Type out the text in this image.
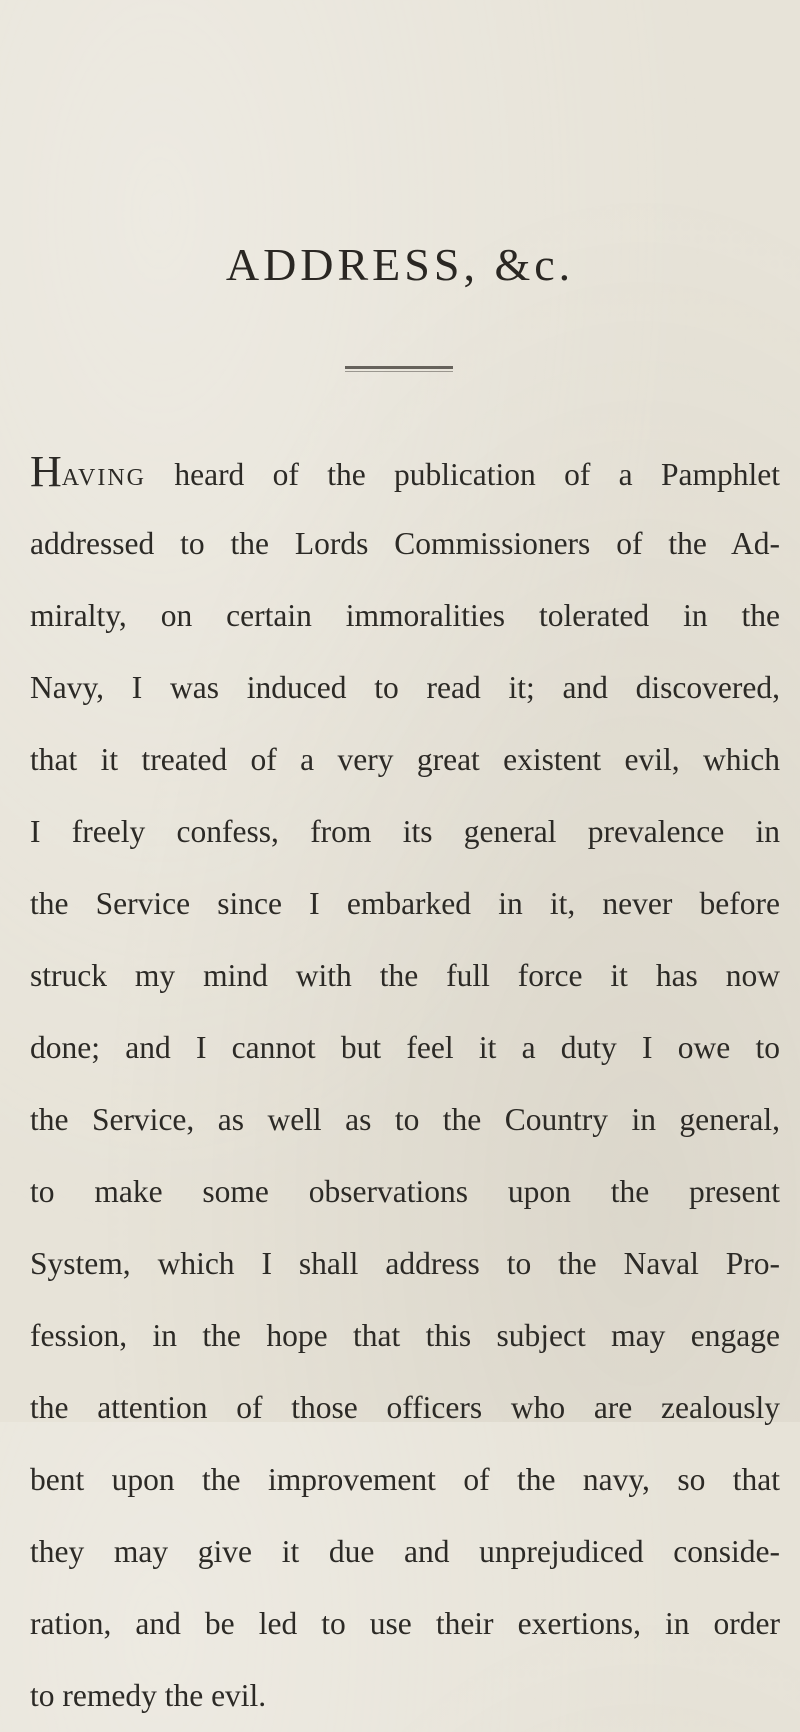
ADDRESS, &c.
HAVING heard of the publication of a Pamphlet
addressed to the Lords Commissioners of the Ad-
miralty, on certain immoralities tolerated in the
Navy, I was induced to read it; and discovered,
that it treated of a very great existent evil, which
I freely confess, from its general prevalence in
the Service since I embarked in it, never before
struck my mind with the full force it has now
done; and I cannot but feel it a duty I owe to
the Service, as well as to the Country in general,
to make some observations upon the present
System, which I shall address to the Naval Pro-
fession, in the hope that this subject may engage
the attention of those officers who are zealously
bent upon the improvement of the navy, so that
they may give it due and unprejudiced conside-
ration, and be led to use their exertions, in order
to remedy the evil.
